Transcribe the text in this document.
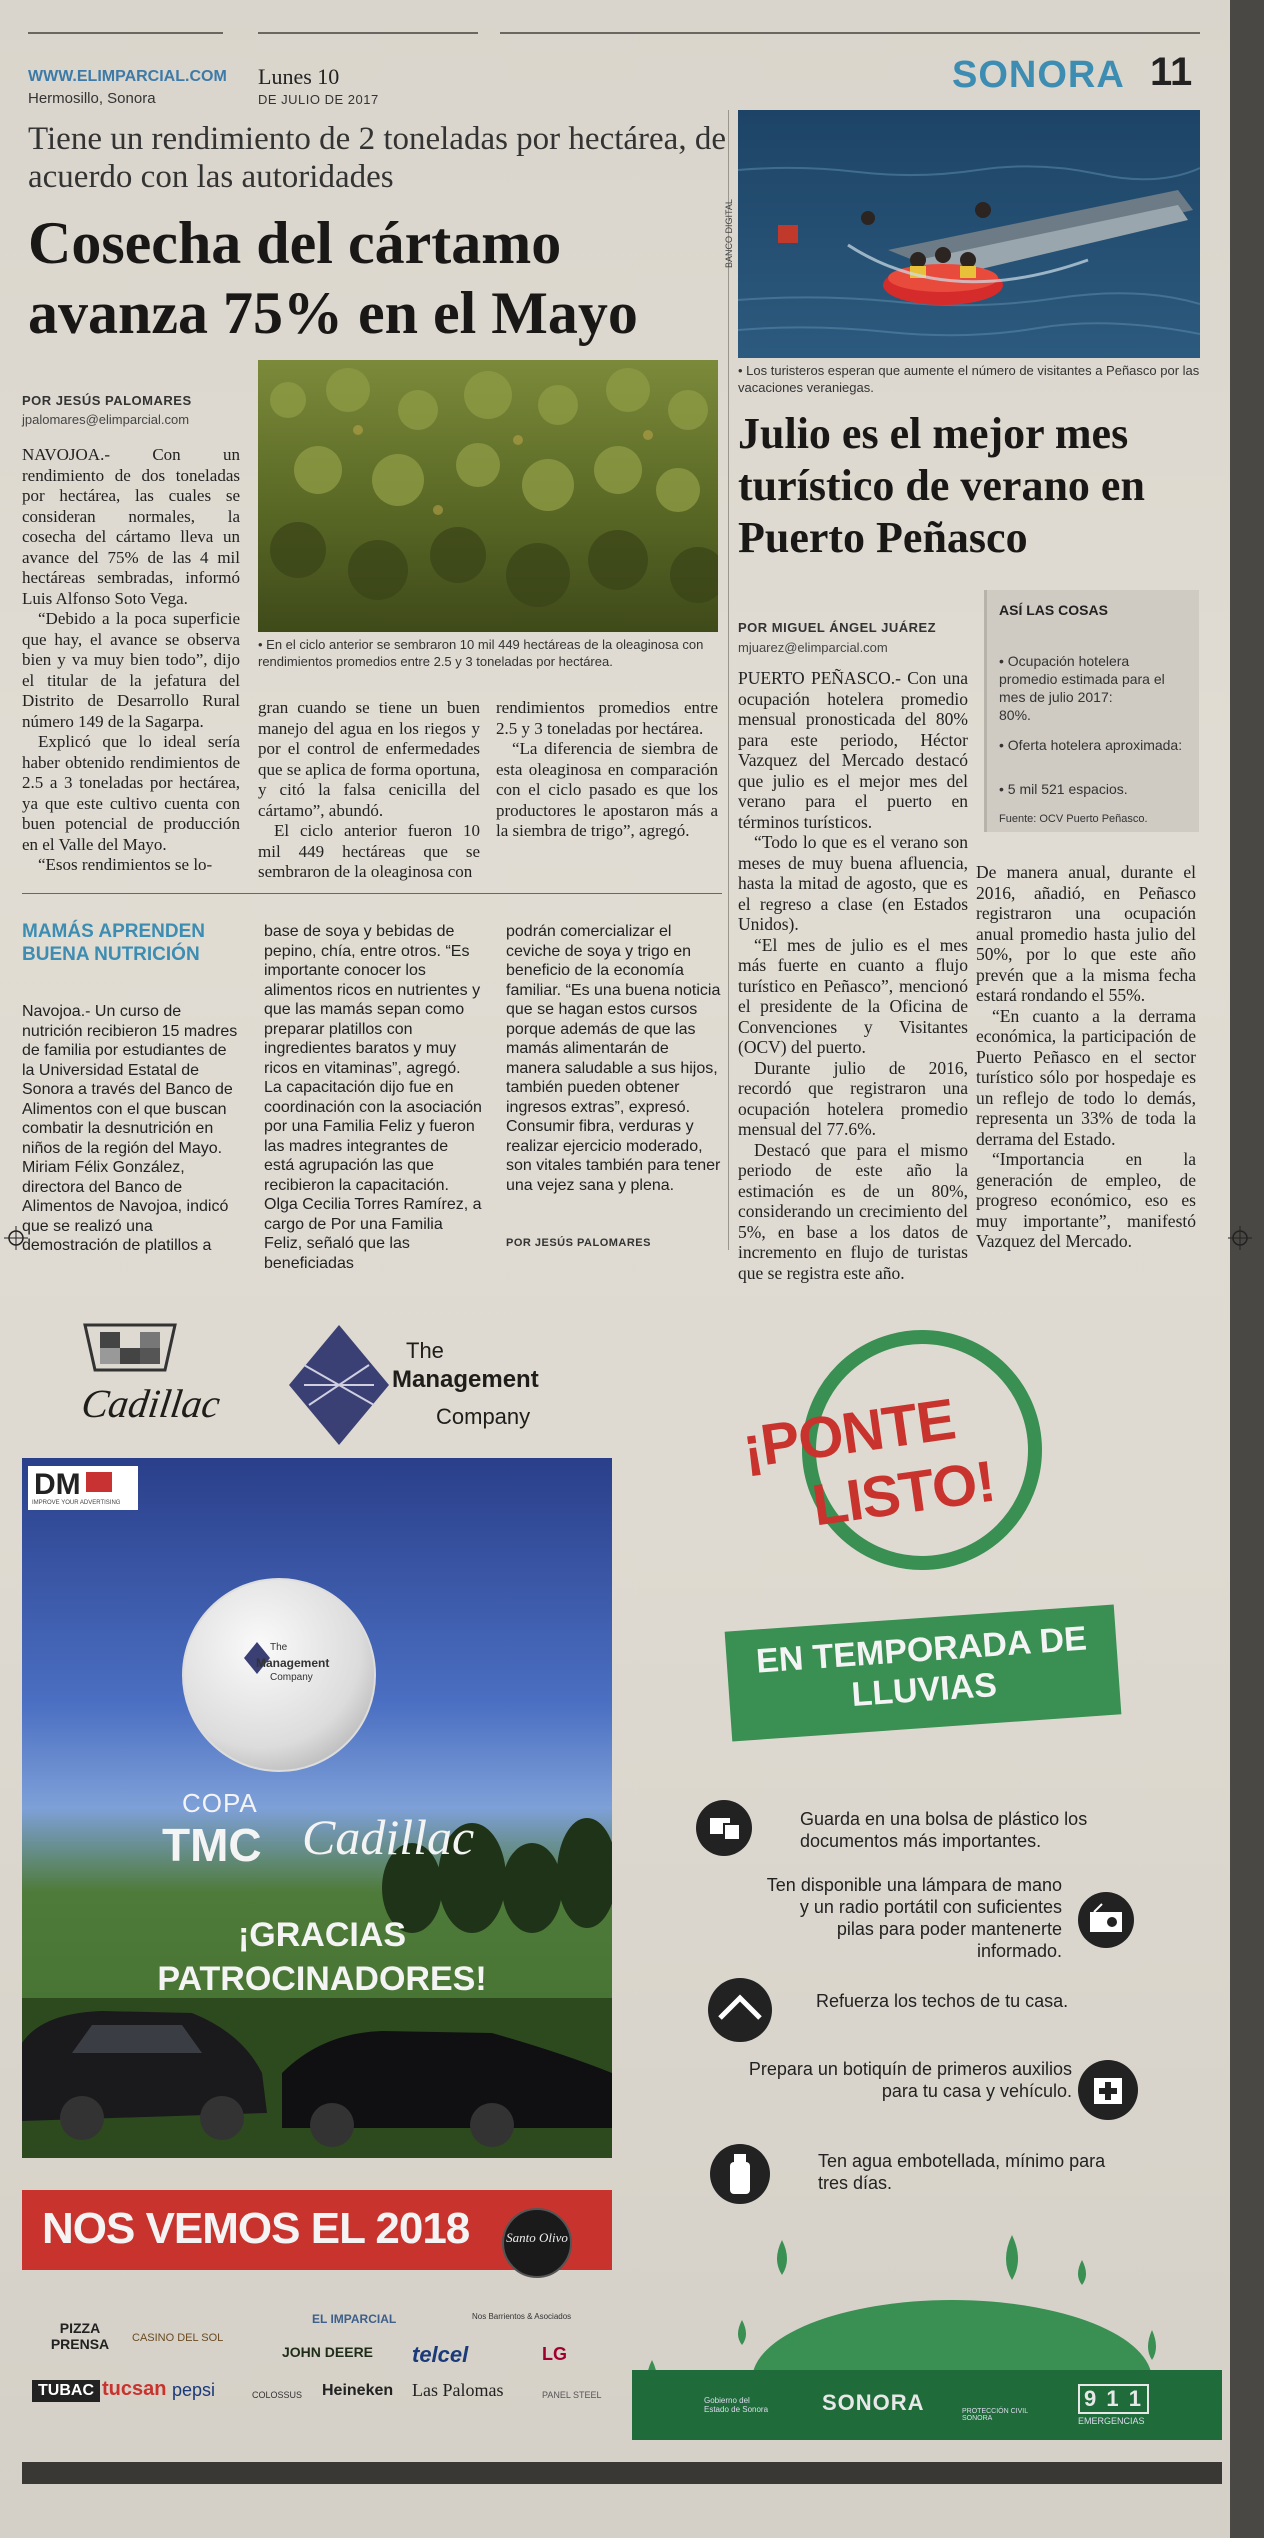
WWW.ELIMPARCIAL.COM
Hermosillo, Sonora
Lunes 10
DE JULIO DE 2017
SONORA 11
Tiene un rendimiento de 2 toneladas por hectárea, de acuerdo con las autoridades
Cosecha del cártamo avanza 75% en el Mayo
POR JESÚS PALOMARES
jpalomares@elimparcial.com
• En el ciclo anterior se sembraron 10 mil 449 hectáreas de la oleaginosa con rendimientos promedios entre 2.5 y 3 toneladas por hectárea.

NAVOJOA.- Con un rendimiento de dos toneladas por hectárea, las cuales se consideran normales, la cosecha del cártamo lleva un avance del 75% de las 4 mil hectáreas sembradas, informó Luis Alfonso Soto Vega.

“Debido a la poca superficie que hay, el avance se observa bien y va muy bien todo”, dijo el titular de la jefatura del Distrito de Desarrollo Rural número 149 de la Sagarpa.

Explicó que lo ideal sería haber obtenido rendimientos de 2.5 a 3 toneladas por hectárea, ya que este cultivo cuenta con buen potencial de producción en el Valle del Mayo.

“Esos rendimientos se lo-

gran cuando se tiene un buen manejo del agua en los riegos y por el control de enfermedades que se aplica de forma oportuna, y citó la falsa cenicilla del cártamo”, abundó.

El ciclo anterior fueron 10 mil 449 hectáreas que se sembraron de la oleaginosa con

rendimientos promedios entre 2.5 y 3 toneladas por hectárea.

“La diferencia de siembra de esta oleaginosa en comparación con el ciclo pasado es que los productores le apostaron más a la siembra de trigo”, agregó.

BANCO DIGITAL
• Los turisteros esperan que aumente el número de visitantes a Peñasco por las vacaciones veraniegas.
Julio es el mejor mes turístico de verano en Puerto Peñasco
POR MIGUEL ÁNGEL JUÁREZ
mjuarez@elimparcial.com
ASÍ LAS COSAS
• Ocupación hotelera promedio estimada para el mes de julio 2017:
80%.
• Oferta hotelera aproximada:
• 5 mil 521 espacios.
Fuente: OCV Puerto Peñasco.

PUERTO PEÑASCO.- Con una ocupación hotelera promedio mensual pronosticada del 80% para este periodo, Héctor Vazquez del Mercado destacó que julio es el mejor mes del verano para el puerto en términos turísticos.

“Todo lo que es el verano son meses de muy buena afluencia, hasta la mitad de agosto, que es el regreso a clase (en Estados Unidos).

“El mes de julio es el mes más fuerte en cuanto a flujo turístico en Peñasco”, mencionó el presidente de la Oficina de Convenciones y Visitantes (OCV) del puerto.

Durante julio de 2016, recordó que registraron una ocupación hotelera promedio mensual del 77.6%.

Destacó que para el mismo periodo de este año la estimación es de un 80%, considerando un crecimiento del 5%, en base a los datos de incremento en flujo de turistas que se registra este año.

De manera anual, durante el 2016, añadió, en Peñasco registraron una ocupación anual promedio hasta julio del 50%, por lo que este año prevén que a la misma fecha estará rondando el 55%.

“En cuanto a la derrama económica, la participación de Puerto Peñasco en el sector turístico sólo por hospedaje es un reflejo de todo lo demás, representa un 33% de toda la derrama del Estado.

“Importancia en la generación de empleo, de progreso económico, eso es muy importante”, manifestó Vazquez del Mercado.

MAMÁS APRENDEN BUENA NUTRICIÓN

Navojoa.- Un curso de nutrición recibieron 15 madres de familia por estudiantes de la Universidad Estatal de Sonora a través del Banco de Alimentos con el que buscan combatir la desnutrición en niños de la región del Mayo. Miriam Félix González, directora del Banco de Alimentos de Navojoa, indicó que se realizó una demostración de platillos a

base de soya y bebidas de pepino, chía, entre otros. “Es importante conocer los alimentos ricos en nutrientes y que las mamás sepan como preparar platillos con ingredientes baratos y muy ricos en vitaminas”, agregó. La capacitación dijo fue en coordinación con la asociación por una Familia Feliz y fueron las madres integrantes de está agrupación las que recibieron la capacitación. Olga Cecilia Torres Ramírez, a cargo de Por una Familia Feliz, señaló que las beneficiadas

podrán comercializar el ceviche de soya y trigo en beneficio de la economía familiar. “Es una buena noticia que se hagan estos cursos porque además de que las mamás alimentarán de manera saludable a sus hijos, también pueden obtener ingresos extras”, expresó. Consumir fibra, verduras y realizar ejercicio moderado, son vitales también para tener una vejez sana y plena.

POR JESÚS PALOMARES
Cadillac
The
Management
Company
DM
IMPROVE YOUR ADVERTISING
The
Management
Company
COPA
TMC Cadillac
¡GRACIAS PATROCINADORES!
NOS VEMOS EL 2018	Santo Olivo
PIZZA PRENSA CASINO DEL SOL
EL IMPARCIAL
JOHN DEERE telcel
Nos Barrientos & Asociados
LG
TUBAC tucsan pepsi	COLOSSUS Heineken Las Palomas	PANEL STEEL
¡PONTE
LISTO!
EN TEMPORADA DE LLUVIAS
Guarda en una bolsa de plástico los documentos más importantes.
Ten disponible una lámpara de mano y un radio portátil con suficientes pilas para poder mantenerte informado.
Refuerza los techos de tu casa.
Prepara un botiquín de primeros auxilios para tu casa y vehículo.
Ten agua embotellada, mínimo para tres días.
Gobierno del Estado de Sonora SONORA	PROTECCIÓN CIVIL SONORA
9 1 1
EMERGENCIAS
